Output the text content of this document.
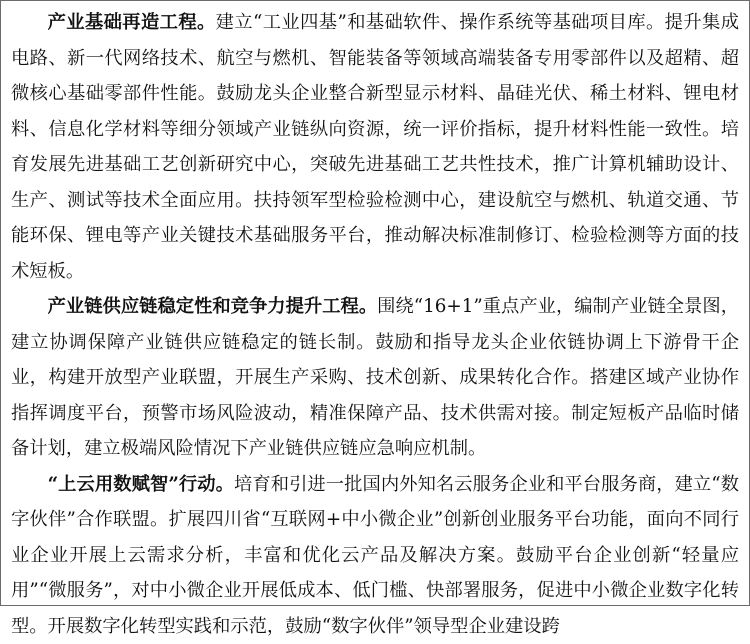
产业基础再造工程。建立“工业四基”和基础软件、操作系统等基础项目库。提升集成电路、新一代网络技术、航空与燃机、智能装备等领域高端装备专用零部件以及超精、超微核心基础零部件性能。鼓励龙头企业整合新型显示材料、晶硅光伏、稀土材料、锂电材料、信息化学材料等细分领域产业链纵向资源，统一评价指标，提升材料性能一致性。培育发展先进基础工艺创新研究中心，突破先进基础工艺共性技术，推广计算机辅助设计、生产、测试等技术全面应用。扶持领军型检验检测中心，建设航空与燃机、轨道交通、节能环保、锂电等产业关键技术基础服务平台，推动解决标准制修订、检验检测等方面的技术短板。

产业链供应链稳定性和竞争力提升工程。围绕“16+1”重点产业，编制产业链全景图，建立协调保障产业链供应链稳定的链长制。鼓励和指导龙头企业依链协调上下游骨干企业，构建开放型产业联盟，开展生产采购、技术创新、成果转化合作。搭建区域产业协作指挥调度平台，预警市场风险波动，精准保障产品、技术供需对接。制定短板产品临时储备计划，建立极端风险情况下产业链供应链应急响应机制。

“上云用数赋智”行动。培育和引进一批国内外知名云服务企业和平台服务商，建立“数字伙伴”合作联盟。扩展四川省“互联网+中小微企业”创新创业服务平台功能，面向不同行业企业开展上云需求分析，丰富和优化云产品及解决方案。鼓励平台企业创新“轻量应用”“微服务”，对中小微企业开展低成本、低门槛、快部署服务，促进中小微企业数字化转型。开展数字化转型实践和示范，鼓励“数字伙伴”领导型企业建设跨
